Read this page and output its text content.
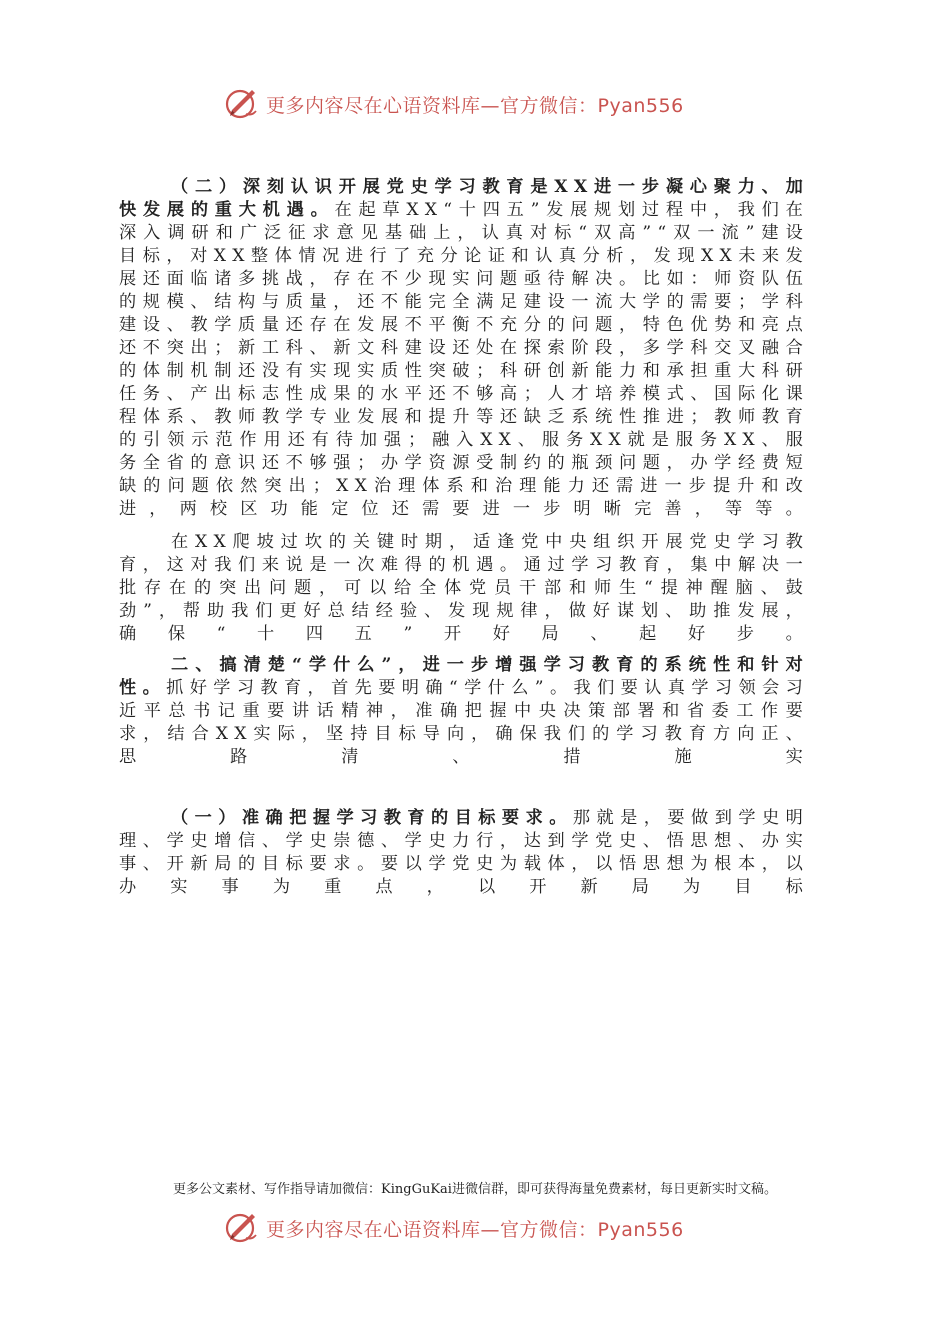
更多内容尽在心语资料库—官方微信：Pyan556

（二）深刻认识开展党史学习教育是XX进一步凝心聚力、加快发展的重大机遇。在起草XX“十四五”发展规划过程中，我们在深入调研和广泛征求意见基础上，认真对标“双高”“双一流”建设目标，对XX整体情况进行了充分论证和认真分析，发现XX未来发展还面临诸多挑战，存在不少现实问题亟待解决。比如：师资队伍的规模、结构与质量，还不能完全满足建设一流大学的需要；学科建设、教学质量还存在发展不平衡不充分的问题，特色优势和亮点还不突出；新工科、新文科建设还处在探索阶段，多学科交叉融合的体制机制还没有实现实质性突破；科研创新能力和承担重大科研任务、产出标志性成果的水平还不够高；人才培养模式、国际化课程体系、教师教学专业发展和提升等还缺乏系统性推进；教师教育的引领示范作用还有待加强；融入XX、服务XX就是服务XX、服务全省的意识还不够强；办学资源受制约的瓶颈问题，办学经费短缺的问题依然突出；XX治理体系和治理能力还需进一步提升和改进，两校区功能定位还需要进一步明晰完善，等等。

在XX爬坡过坎的关键时期，适逢党中央组织开展党史学习教育，这对我们来说是一次难得的机遇。通过学习教育，集中解决一批存在的突出问题，可以给全体党员干部和师生“提神醒脑、鼓劲”，帮助我们更好总结经验、发现规律，做好谋划、助推发展，确保“十四五”开好局、起好步。

二、搞清楚“学什么”，进一步增强学习教育的系统性和针对性。抓好学习教育，首先要明确“学什么”。我们要认真学习领会习近平总书记重要讲话精神，准确把握中央决策部署和省委工作要求，结合XX实际，坚持目标导向，确保我们的学习教育方向正、思路清、措施实

（一）准确把握学习教育的目标要求。那就是，要做到学史明理、学史增信、学史崇德、学史力行，达到学党史、悟思想、办实事、开新局的目标要求。要以学党史为载体，以悟思想为根本，以办实事为重点，以开新局为目标

更多公文素材、写作指导请加微信：KingGuKai进微信群，即可获得海量免费素材，每日更新实时文稿。
更多内容尽在心语资料库—官方微信：Pyan556
